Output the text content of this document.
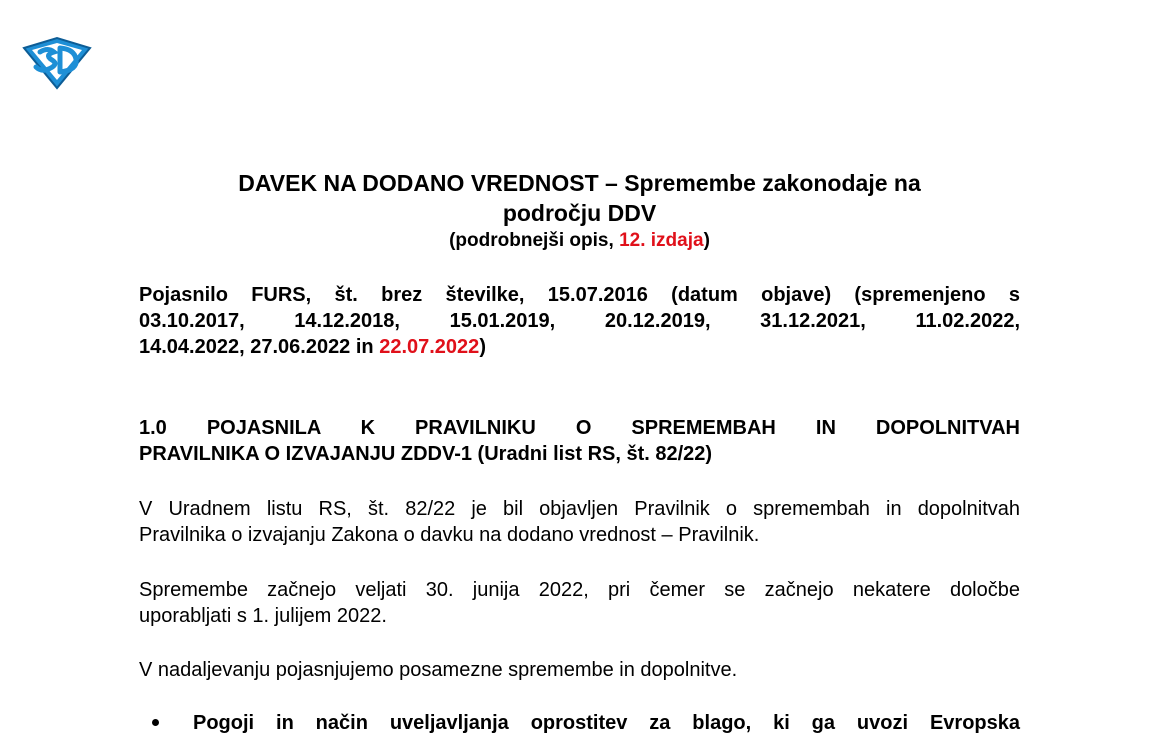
DAVEK NA DODANO VREDNOST – Spremembe zakonodaje na
področju DDV
(podrobnejši opis, 12. izdaja)
Pojasnilo FURS, št. brez številke, 15.07.2016 (datum objave) (spremenjeno s
03.10.2017, 14.12.2018, 15.01.2019, 20.12.2019, 31.12.2021, 11.02.2022,
14.04.2022, 27.06.2022 in 22.07.2022)
1.0 POJASNILA K PRAVILNIKU O SPREMEMBAH IN DOPOLNITVAH
PRAVILNIKA O IZVAJANJU ZDDV-1 (Uradni list RS, št. 82/22)
V Uradnem listu RS, št. 82/22 je bil objavljen Pravilnik o spremembah in dopolnitvah
Pravilnika o izvajanju Zakona o davku na dodano vrednost – Pravilnik.
Spremembe začnejo veljati 30. junija 2022, pri čemer se začnejo nekatere določbe
uporabljati s 1. julijem 2022.
V nadaljevanju pojasnjujemo posamezne spremembe in dopolnitve.
Pogoji in način uveljavljanja oprostitev za blago, ki ga uvozi Evropska
